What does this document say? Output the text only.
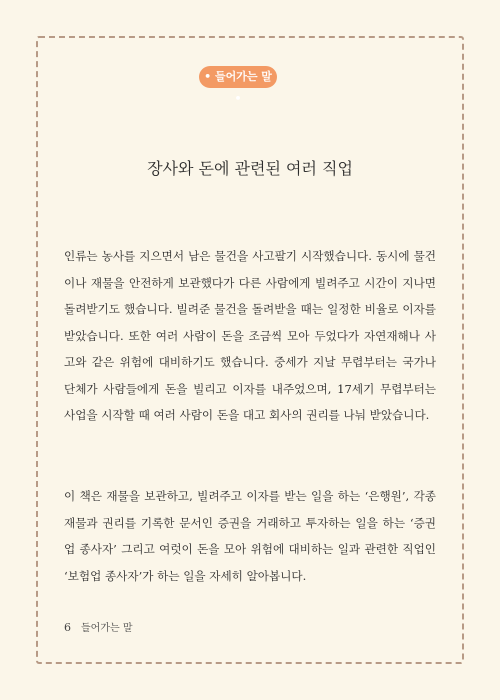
• 들어가는 말 •
장사와 돈에 관련된 여러 직업

인류는 농사를 지으면서 남은 물건을 사고팔기 시작했습니다. 동시에 물건이나 재물을 안전하게 보관했다가 다른 사람에게 빌려주고 시간이 지나면 돌려받기도 했습니다. 빌려준 물건을 돌려받을 때는 일정한 비율로 이자를 받았습니다. 또한 여러 사람이 돈을 조금씩 모아 두었다가 자연재해나 사고와 같은 위험에 대비하기도 했습니다. 중세가 지날 무렵부터는 국가나 단체가 사람들에게 돈을 빌리고 이자를 내주었으며, 17세기 무렵부터는 사업을 시작할 때 여러 사람이 돈을 대고 회사의 권리를 나눠 받았습니다.

이 책은 재물을 보관하고, 빌려주고 이자를 받는 일을 하는 ‘은행원’, 각종 재물과 권리를 기록한 문서인 증권을 거래하고 투자하는 일을 하는 ‘증권업 종사자’ 그리고 여럿이 돈을 모아 위험에 대비하는 일과 관련한 직업인 ‘보험업 종사자’가 하는 일을 자세히 알아봅니다.

6 들어가는 말
